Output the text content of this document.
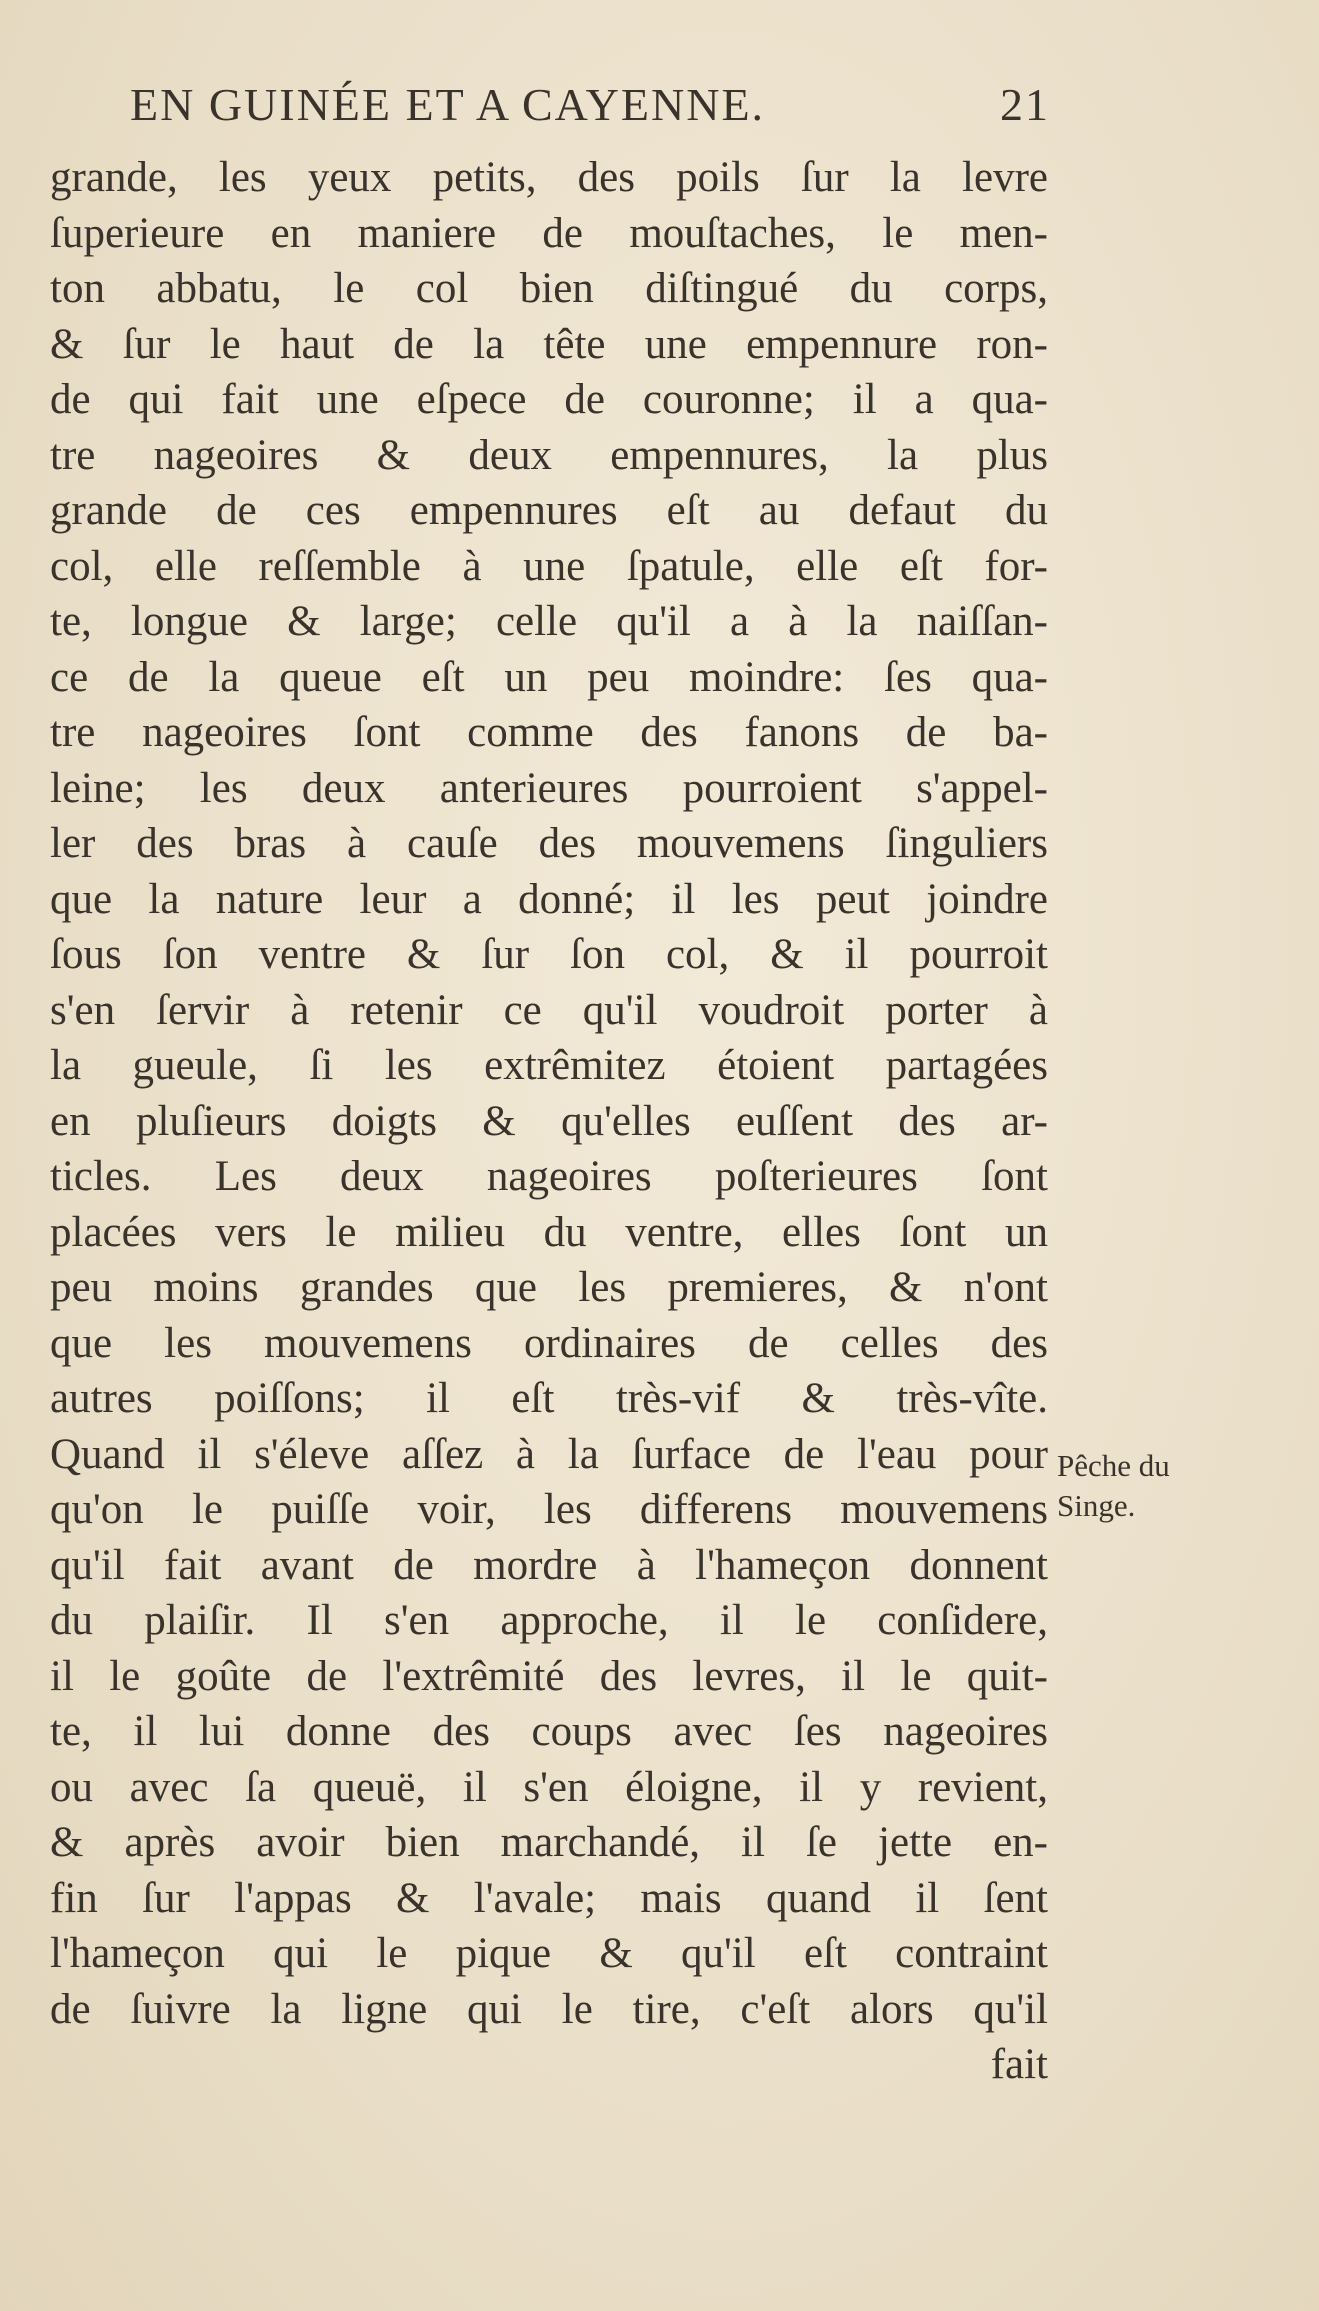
EN GUINÉE ET A CAYENNE.	21
grande, les yeux petits, des poils ſur la levre
ſuperieure en maniere de mouſtaches, le men-
ton abbatu, le col bien diſtingué du corps,
& ſur le haut de la tête une empennure ron-
de qui fait une eſpece de couronne; il a qua-
tre nageoires & deux empennures, la plus
grande de ces empennures eſt au defaut du
col, elle reſſemble à une ſpatule, elle eſt for-
te, longue & large; celle qu'il a à la naiſſan-
ce de la queue eſt un peu moindre: ſes qua-
tre nageoires ſont comme des fanons de ba-
leine; les deux anterieures pourroient s'appel-
ler des bras à cauſe des mouvemens ſinguliers
que la nature leur a donné; il les peut joindre
ſous ſon ventre & ſur ſon col, & il pourroit
s'en ſervir à retenir ce qu'il voudroit porter à
la gueule, ſi les extrêmitez étoient partagées
en pluſieurs doigts & qu'elles euſſent des ar-
ticles. Les deux nageoires poſterieures ſont
placées vers le milieu du ventre, elles ſont un
peu moins grandes que les premieres, & n'ont
que les mouvemens ordinaires de celles des
autres poiſſons; il eſt très-vif & très-vîte.
Quand il s'éleve aſſez à la ſurface de l'eau pour
qu'on le puiſſe voir, les differens mouvemens
qu'il fait avant de mordre à l'hameçon donnent
du plaiſir. Il s'en approche, il le conſidere,
il le goûte de l'extrêmité des levres, il le quit-
te, il lui donne des coups avec ſes nageoires
ou avec ſa queuë, il s'en éloigne, il y revient,
& après avoir bien marchandé, il ſe jette en-
fin ſur l'appas & l'avale; mais quand il ſent
l'hameçon qui le pique & qu'il eſt contraint
de ſuivre la ligne qui le tire, c'eſt alors qu'il
fait
Pêche du
Singe.
